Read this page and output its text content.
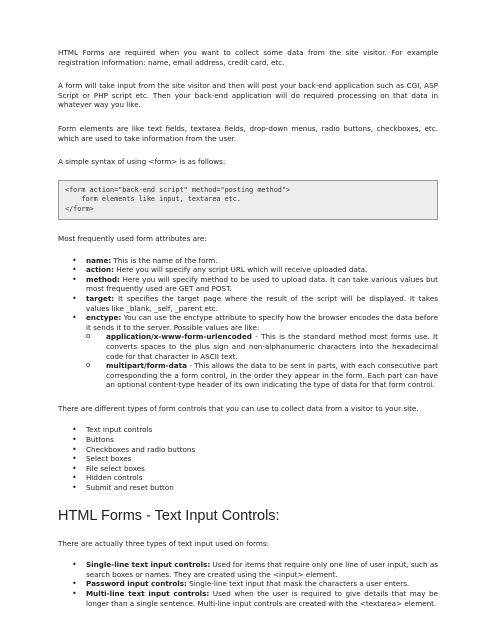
HTML Forms are required when you want to collect some data from the site visitor. For example registration information: name, email address, credit card, etc.

A form will take input from the site visitor and then will post your back-end application such as CGI, ASP Script or PHP script etc. Then your back-end application will do required processing on that data in whatever way you like.

Form elements are like text fields, textarea fields, drop-down menus, radio buttons, checkboxes, etc. which are used to take information from the user.

A simple syntax of using <form> is as follows:

<form action="back-end script" method="posting method">
form elements like input, textarea etc.
</form>

Most frequently used form attributes are:

• name: This is the name of the form.
• action: Here you will specify any script URL which will receive uploaded data.
• method: Here you will specify method to be used to upload data. It can take various values but most frequently used are GET and POST.
• target: It specifies the target page where the result of the script will be displayed. It takes values like _blank, _self, _parent etc.
• enctype: You can use the enctype attribute to specify how the browser encodes the data before it sends it to the server. Possible values are like:
o application/x-www-form-urlencoded - This is the standard method most forms use. It converts spaces to the plus sign and non-alphanumeric characters into the hexadecimal code for that character in ASCII text.
o multipart/form-data - This allows the data to be sent in parts, with each consecutive part corresponding the a form control, in the order they appear in the form. Each part can have an optional content-type header of its own indicating the type of data for that form control.

There are different types of form controls that you can use to collect data from a visitor to your site.

• Text input controls
• Buttons
• Checkboxes and radio buttons
• Select boxes
• File select boxes
• Hidden controls
• Submit and reset button
HTML Forms - Text Input Controls:

There are actually three types of text input used on forms:

• Single-line text input controls: Used for items that require only one line of user input, such as search boxes or names. They are created using the <input> element.
• Password input controls: Single-line text input that mask the characters a user enters.
• Multi-line text input controls: Used when the user is required to give details that may be longer than a single sentence. Multi-line input controls are created with the <textarea> element.
